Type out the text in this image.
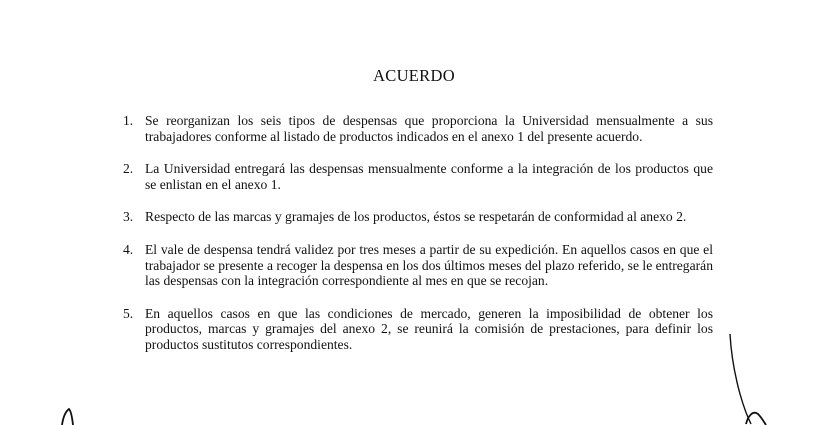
ACUERDO
1. Se reorganizan los seis tipos de despensas que proporciona la Universidad mensualmente a sus trabajadores conforme al listado de productos indicados en el anexo 1 del presente acuerdo.
2. La Universidad entregará las despensas mensualmente conforme a la integración de los productos que se enlistan en el anexo 1.
3. Respecto de las marcas y gramajes de los productos, éstos se respetarán de conformidad al anexo 2.
4. El vale de despensa tendrá validez por tres meses a partir de su expedición. En aquellos casos en que el trabajador se presente a recoger la despensa en los dos últimos meses del plazo referido, se le entregarán las despensas con la integración correspondiente al mes en que se recojan.
5. En aquellos casos en que las condiciones de mercado, generen la imposibilidad de obtener los productos, marcas y gramajes del anexo 2, se reunirá la comisión de prestaciones, para definir los productos sustitutos correspondientes.
